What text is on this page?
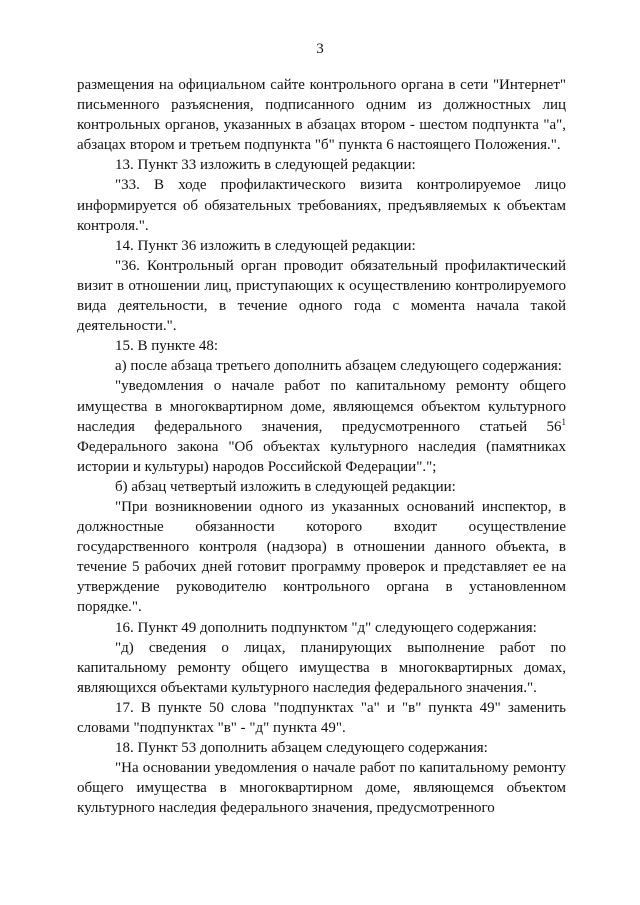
3

размещения на официальном сайте контрольного органа в сети "Интернет" письменного разъяснения, подписанного одним из должностных лиц контрольных органов, указанных в абзацах втором - шестом подпункта "а", абзацах втором и третьем подпункта "б" пункта 6 настоящего Положения.".

13. Пункт 33 изложить в следующей редакции:

"33. В ходе профилактического визита контролируемое лицо информируется об обязательных требованиях, предъявляемых к объектам контроля.".

14. Пункт 36 изложить в следующей редакции:

"36. Контрольный орган проводит обязательный профилактический визит в отношении лиц, приступающих к осуществлению контролируемого вида деятельности, в течение одного года с момента начала такой деятельности.".

15. В пункте 48:

а) после абзаца третьего дополнить абзацем следующего содержания:

"уведомления о начале работ по капитальному ремонту общего имущества в многоквартирном доме, являющемся объектом культурного наследия федерального значения, предусмотренного статьей $56^1$ Федерального закона "Об объектах культурного наследия (памятниках истории и культуры) народов Российской Федерации".";

б) абзац четвертый изложить в следующей редакции:

"При возникновении одного из указанных оснований инспектор, в должностные обязанности которого входит осуществление государственного контроля (надзора) в отношении данного объекта, в течение 5 рабочих дней готовит программу проверок и представляет ее на утверждение руководителю контрольного органа в установленном порядке.".

16. Пункт 49 дополнить подпунктом "д" следующего содержания:

"д) сведения о лицах, планирующих выполнение работ по капитальному ремонту общего имущества в многоквартирных домах, являющихся объектами культурного наследия федерального значения.".

17. В пункте 50 слова "подпунктах "а" и "в" пункта 49" заменить словами "подпунктах "в" - "д" пункта 49".

18. Пункт 53 дополнить абзацем следующего содержания:

"На основании уведомления о начале работ по капитальному ремонту общего имущества в многоквартирном доме, являющемся объектом культурного наследия федерального значения, предусмотренного
